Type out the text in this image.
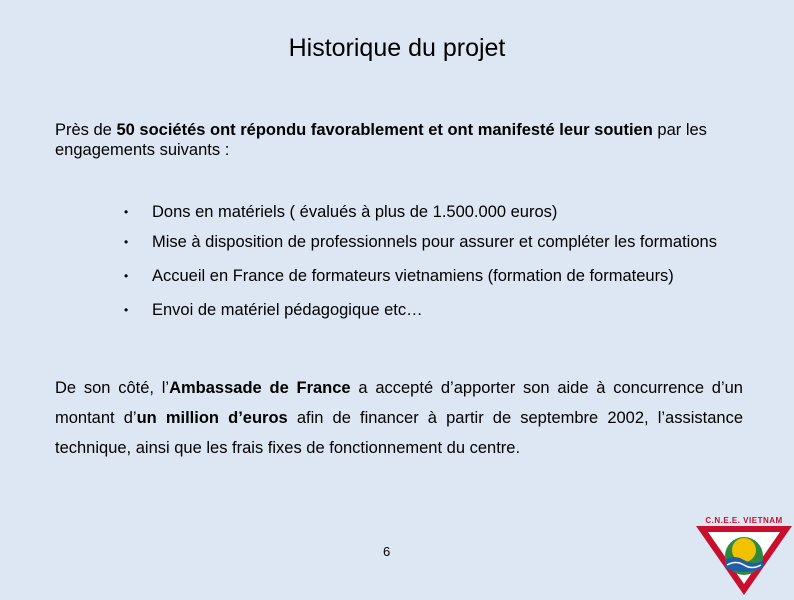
Historique du projet
Près de 50 sociétés ont répondu favorablement et ont manifesté leur soutien par les engagements suivants :
• Dons en matériels ( évalués à plus de 1.500.000 euros)
• Mise à disposition de professionnels pour assurer et compléter les formations
• Accueil en France de formateurs vietnamiens (formation de formateurs)
• Envoi de matériel pédagogique etc…
De son côté, l’Ambassade de France a accepté d’apporter son aide à concurrence d’un montant d’un million d’euros afin de financer à partir de septembre 2002, l’assistance technique, ainsi que les frais fixes de fonctionnement du centre.
6
C.N.E.E. VIETNAM
